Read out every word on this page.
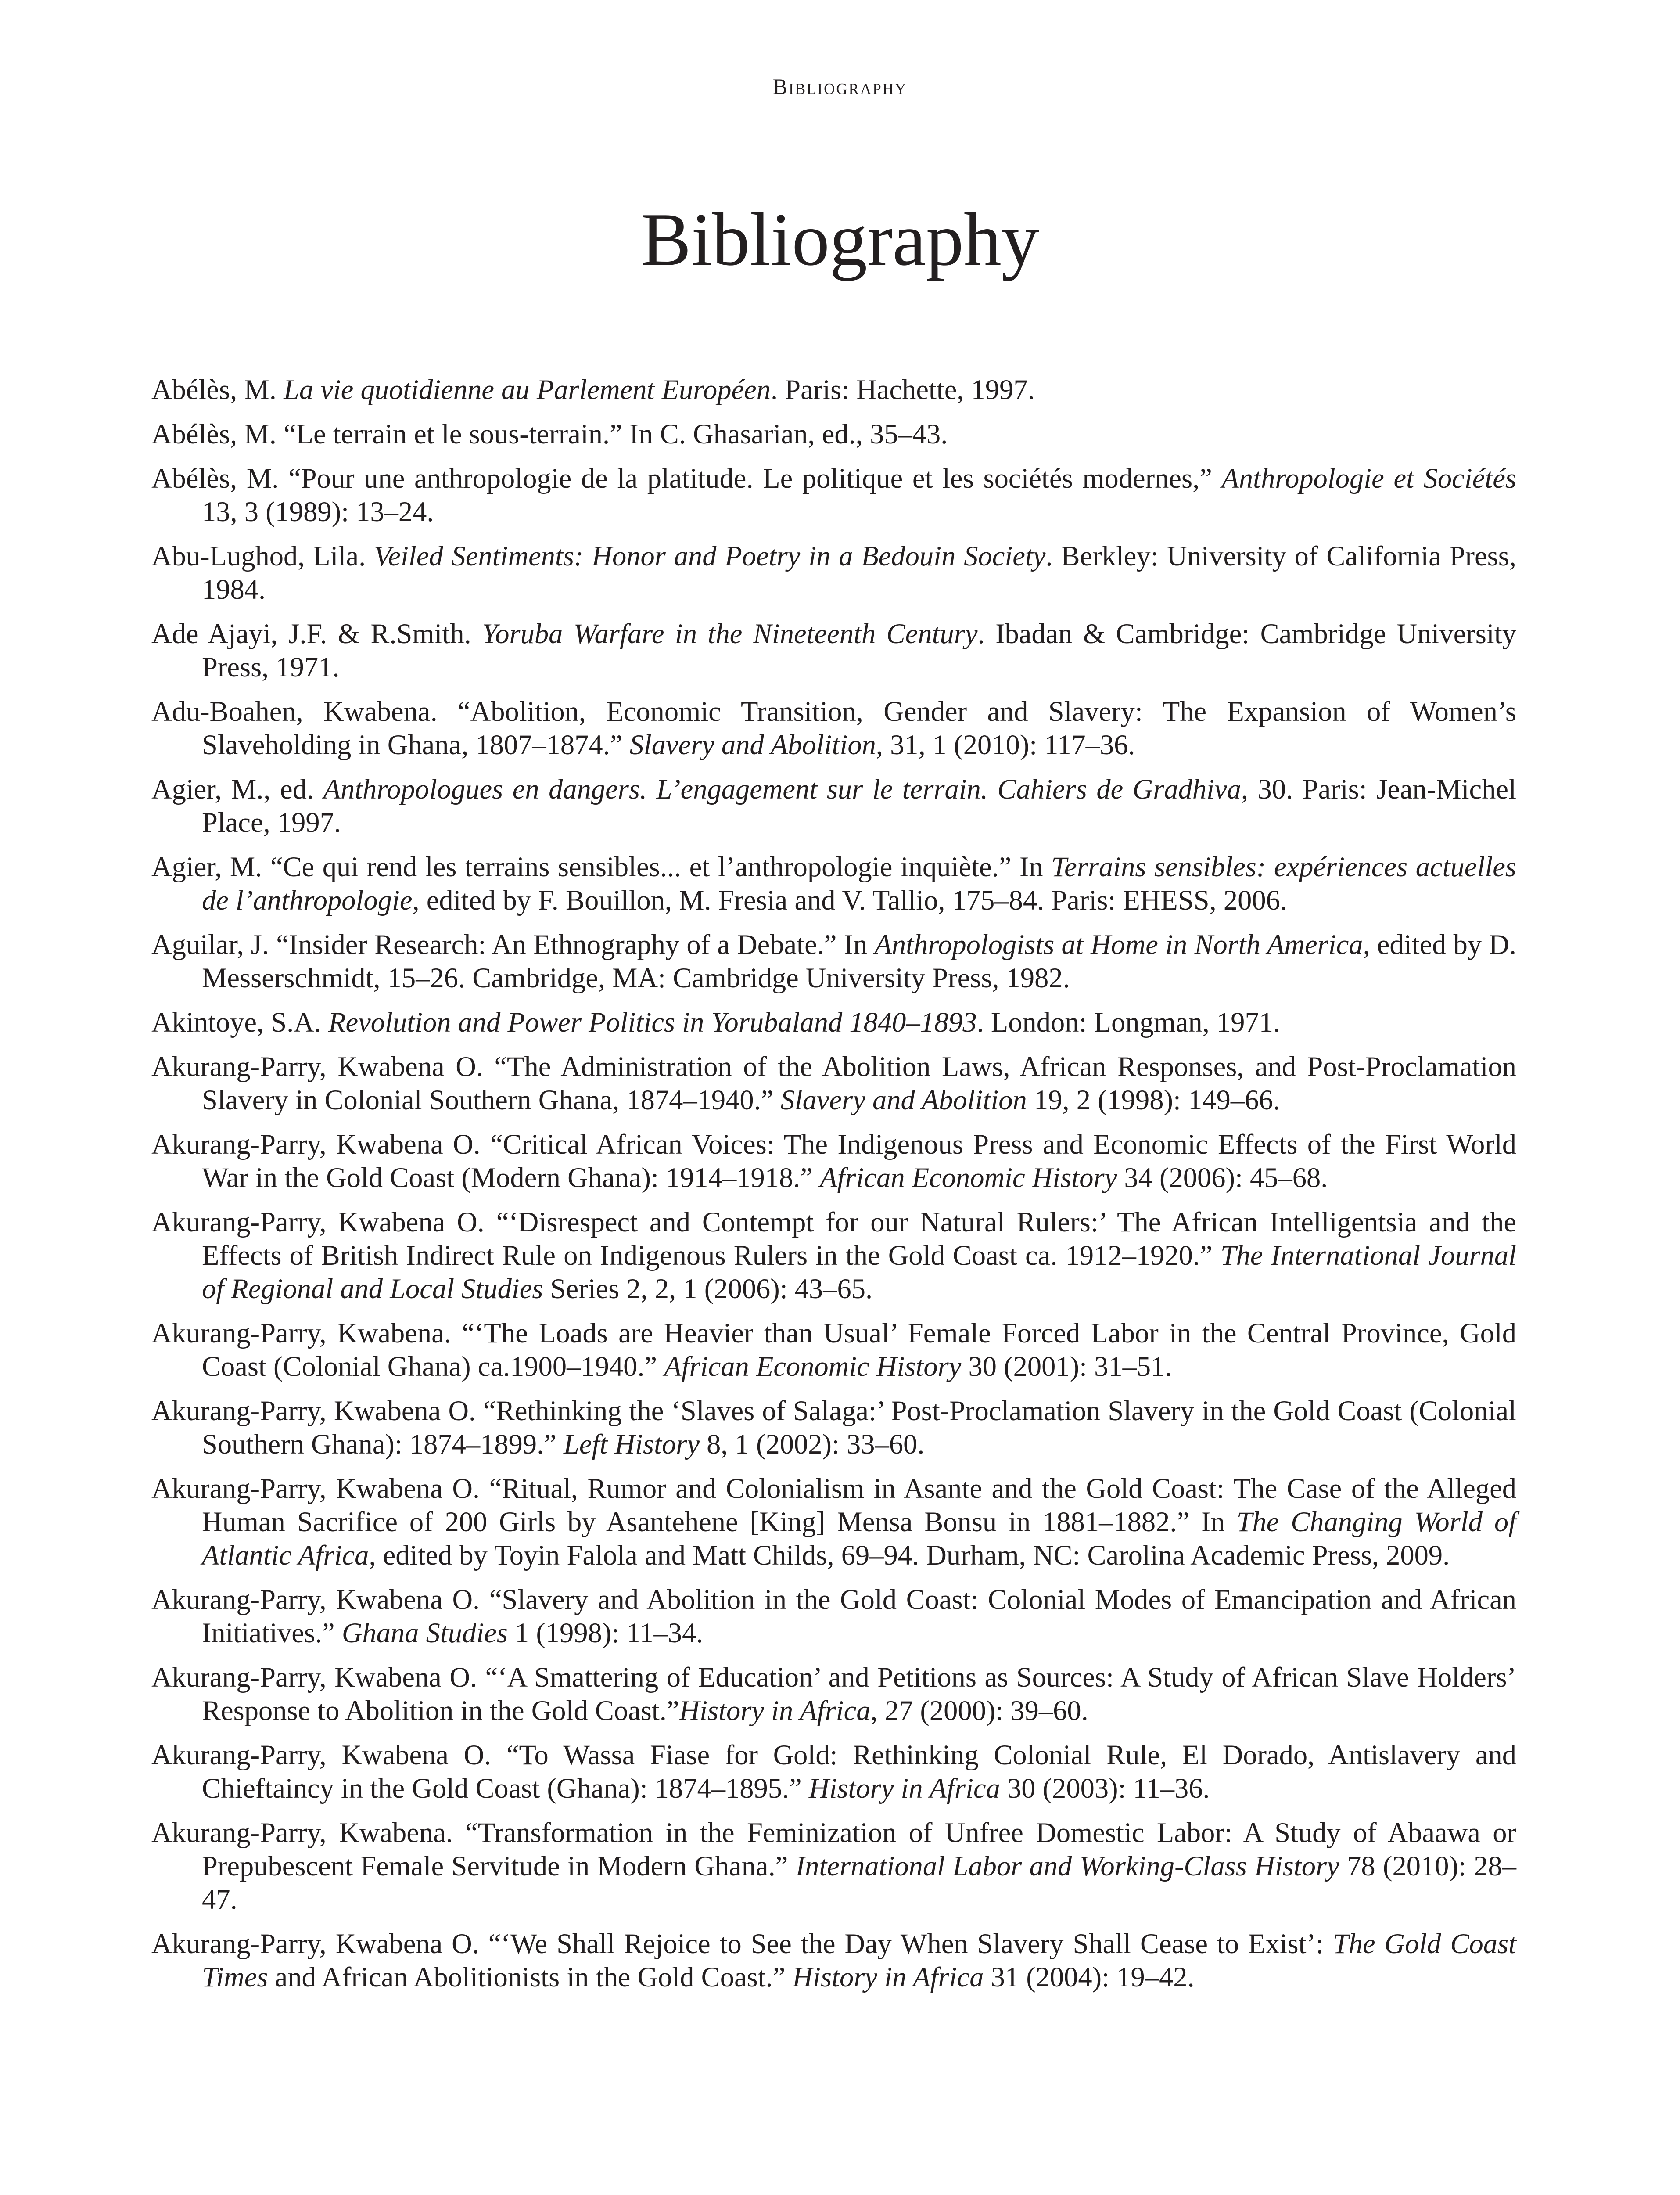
Bibliography
Bibliography

Abélès, M. La vie quotidienne au Parlement Européen. Paris: Hachette, 1997.

Abélès, M. “Le terrain et le sous-terrain.” In C. Ghasarian, ed., 35–43.

Abélès, M. “Pour une anthropologie de la platitude. Le politique et les sociétés modernes,” Anthropologie et Sociétés 13, 3 (1989): 13–24.

Abu-Lughod, Lila. Veiled Sentiments: Honor and Poetry in a Bedouin Society. Berkley: University of California Press, 1984.

Ade Ajayi, J.F. & R.Smith. Yoruba Warfare in the Nineteenth Century. Ibadan & Cambridge: Cambridge University Press, 1971.

Adu-Boahen, Kwabena. “Abolition, Economic Transition, Gender and Slavery: The Expansion of Women’s Slaveholding in Ghana, 1807–1874.” Slavery and Abolition, 31, 1 (2010): 117–36.

Agier, M., ed. Anthropologues en dangers. L’engagement sur le terrain. Cahiers de Gradhiva, 30. Paris: Jean-Michel Place, 1997.

Agier, M. “Ce qui rend les terrains sensibles... et l’anthropologie inquiète.” In Terrains sensibles: expériences actuelles de l’anthropologie, edited by F. Bouillon, M. Fresia and V. Tallio, 175–84. Paris: EHESS, 2006.

Aguilar, J. “Insider Research: An Ethnography of a Debate.” In Anthropologists at Home in North America, edited by D. Messerschmidt, 15–26. Cambridge, MA: Cambridge University Press, 1982.

Akintoye, S.A. Revolution and Power Politics in Yorubaland 1840–1893. London: Longman, 1971.

Akurang-Parry, Kwabena O. “The Administration of the Abolition Laws, African Responses, and Post-Proclamation Slavery in Colonial Southern Ghana, 1874–1940.” Slavery and Abolition 19, 2 (1998): 149–66.

Akurang-Parry, Kwabena O. “Critical African Voices: The Indigenous Press and Economic Effects of the First World War in the Gold Coast (Modern Ghana): 1914–1918.” African Economic History 34 (2006): 45–68.

Akurang-Parry, Kwabena O. “‘Disrespect and Contempt for our Natural Rulers:’ The African Intelligentsia and the Effects of British Indirect Rule on Indigenous Rulers in the Gold Coast ca. 1912–1920.” The International Journal of Regional and Local Studies Series 2, 2, 1 (2006): 43–65.

Akurang-Parry, Kwabena. “‘The Loads are Heavier than Usual’ Female Forced Labor in the Central Province, Gold Coast (Colonial Ghana) ca.1900–1940.” African Economic History 30 (2001): 31–51.

Akurang-Parry, Kwabena O. “Rethinking the ‘Slaves of Salaga:’ Post-Proclamation Slavery in the Gold Coast (Colonial Southern Ghana): 1874–1899.” Left History 8, 1 (2002): 33–60.

Akurang-Parry, Kwabena O. “Ritual, Rumor and Colonialism in Asante and the Gold Coast: The Case of the Alleged Human Sacrifice of 200 Girls by Asantehene [King] Mensa Bonsu in 1881–1882.” In The Changing World of Atlantic Africa, edited by Toyin Falola and Matt Childs, 69–94. Durham, NC: Carolina Academic Press, 2009.

Akurang-Parry, Kwabena O. “Slavery and Abolition in the Gold Coast: Colonial Modes of Emancipation and African Initiatives.” Ghana Studies 1 (1998): 11–34.

Akurang-Parry, Kwabena O. “‘A Smattering of Education’ and Petitions as Sources: A Study of African Slave Holders’ Response to Abolition in the Gold Coast.”History in Africa, 27 (2000): 39–60.

Akurang-Parry, Kwabena O. “To Wassa Fiase for Gold: Rethinking Colonial Rule, El Dorado, Antislavery and Chieftaincy in the Gold Coast (Ghana): 1874–1895.” History in Africa 30 (2003): 11–36.

Akurang-Parry, Kwabena. “Transformation in the Feminization of Unfree Domestic Labor: A Study of Abaawa or Prepubescent Female Servitude in Modern Ghana.” International Labor and Working-Class History 78 (2010): 28–47.

Akurang-Parry, Kwabena O. “‘We Shall Rejoice to See the Day When Slavery Shall Cease to Exist’: The Gold Coast Times and African Abolitionists in the Gold Coast.” History in Africa 31 (2004): 19–42.
